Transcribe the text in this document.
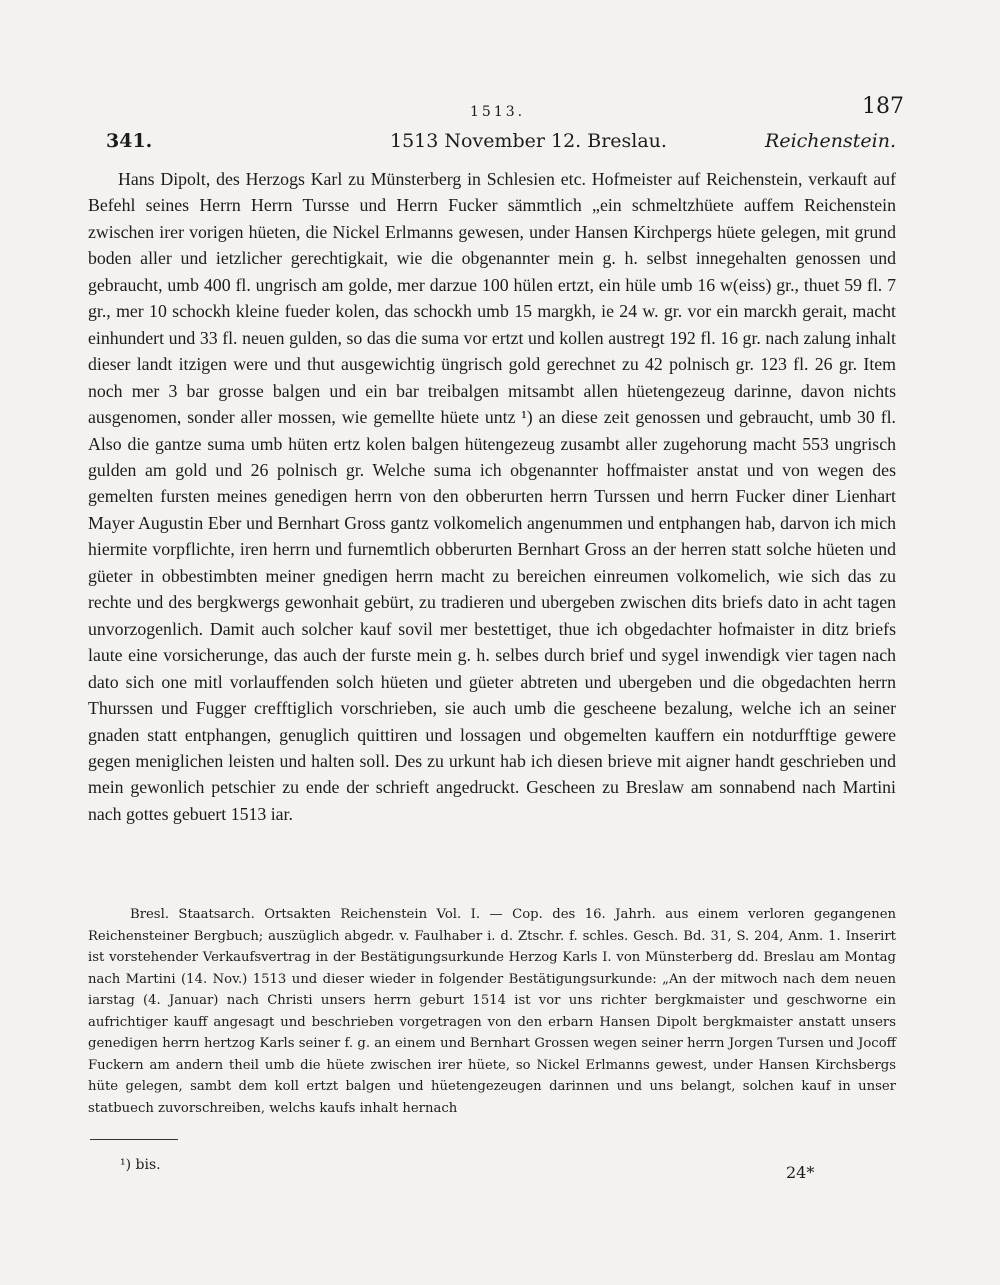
1513.	187
341.	1513 November 12. Breslau.	Reichenstein.

Hans Dipolt, des Herzogs Karl zu Münsterberg in Schlesien etc. Hofmeister auf Reichenstein, verkauft auf Befehl seines Herrn Herrn Tursse und Herrn Fucker sämmtlich „ein schmeltzhüete auffem Reichenstein zwischen irer vorigen hüeten, die Nickel Erlmanns gewesen, under Hansen Kirchpergs hüete gelegen, mit grund boden aller und ietzlicher gerechtigkait, wie die obgenannter mein g. h. selbst innegehalten genossen und gebraucht, umb 400 fl. ungrisch am golde, mer darzue 100 hülen ertzt, ein hüle umb 16 w(eiss) gr., thuet 59 fl. 7 gr., mer 10 schockh kleine fueder kolen, das schockh umb 15 margkh, ie 24 w. gr. vor ein marckh gerait, macht einhundert und 33 fl. neuen gulden, so das die suma vor ertzt und kollen austregt 192 fl. 16 gr. nach zalung inhalt dieser landt itzigen were und thut ausgewichtig üngrisch gold gerechnet zu 42 polnisch gr. 123 fl. 26 gr. Item noch mer 3 bar grosse balgen und ein bar treibalgen mitsambt allen hüetengezeug darinne, davon nichts ausgenomen, sonder aller mossen, wie gemellte hüete untz ¹) an diese zeit genossen und gebraucht, umb 30 fl. Also die gantze suma umb hüten ertz kolen balgen hütengezeug zusambt aller zugehorung macht 553 ungrisch gulden am gold und 26 polnisch gr. Welche suma ich obgenannter hoffmaister anstat und von wegen des gemelten fursten meines genedigen herrn von den obberurten herrn Turssen und herrn Fucker diner Lienhart Mayer Augustin Eber und Bernhart Gross gantz volkomelich angenummen und entphangen hab, darvon ich mich hiermite vorpflichte, iren herrn und furnemtlich obberurten Bernhart Gross an der herren statt solche hüeten und güeter in obbestimbten meiner gnedigen herrn macht zu bereichen einreumen volkomelich, wie sich das zu rechte und des bergkwergs gewonhait gebürt, zu tradieren und ubergeben zwischen dits briefs dato in acht tagen unvorzogenlich. Damit auch solcher kauf sovil mer bestettiget, thue ich obgedachter hofmaister in ditz briefs laute eine vorsicherunge, das auch der furste mein g. h. selbes durch brief und sygel inwendigk vier tagen nach dato sich one mitl vorlauffenden solch hüeten und güeter abtreten und ubergeben und die obgedachten herrn Thurssen und Fugger crefftiglich vorschrieben, sie auch umb die gescheene bezalung, welche ich an seiner gnaden statt entphangen, genuglich quittiren und lossagen und obgemelten kauffern ein notdurfftige gewere gegen meniglichen leisten und halten soll. Des zu urkunt hab ich diesen brieve mit aigner handt geschrieben und mein gewonlich petschier zu ende der schrieft angedruckt. Gescheen zu Breslaw am sonnabend nach Martini nach gottes gebuert 1513 iar.

Bresl. Staatsarch. Ortsakten Reichenstein Vol. I. — Cop. des 16. Jahrh. aus einem verloren gegangenen Reichensteiner Bergbuch; auszüglich abgedr. v. Faulhaber i. d. Ztschr. f. schles. Gesch. Bd. 31, S. 204, Anm. 1. Inserirt ist vorstehender Verkaufsvertrag in der Bestätigungsurkunde Herzog Karls I. von Münsterberg dd. Breslau am Montag nach Martini (14. Nov.) 1513 und dieser wieder in folgender Bestätigungsurkunde: „An der mitwoch nach dem neuen iarstag (4. Januar) nach Christi unsers herrn geburt 1514 ist vor uns richter bergkmaister und geschworne ein aufrichtiger kauff angesagt und beschrieben vorgetragen von den erbarn Hansen Dipolt bergkmaister anstatt unsers genedigen herrn hertzog Karls seiner f. g. an einem und Bernhart Grossen wegen seiner herrn Jorgen Tursen und Jocoff Fuckern am andern theil umb die hüete zwischen irer hüete, so Nickel Erlmanns gewest, under Hansen Kirchsbergs hüte gelegen, sambt dem koll ertzt balgen und hüetengezeugen darinnen und uns belangt, solchen kauf in unser statbuech zuvorschreiben, welchs kaufs inhalt hernach

¹) bis.	24*
